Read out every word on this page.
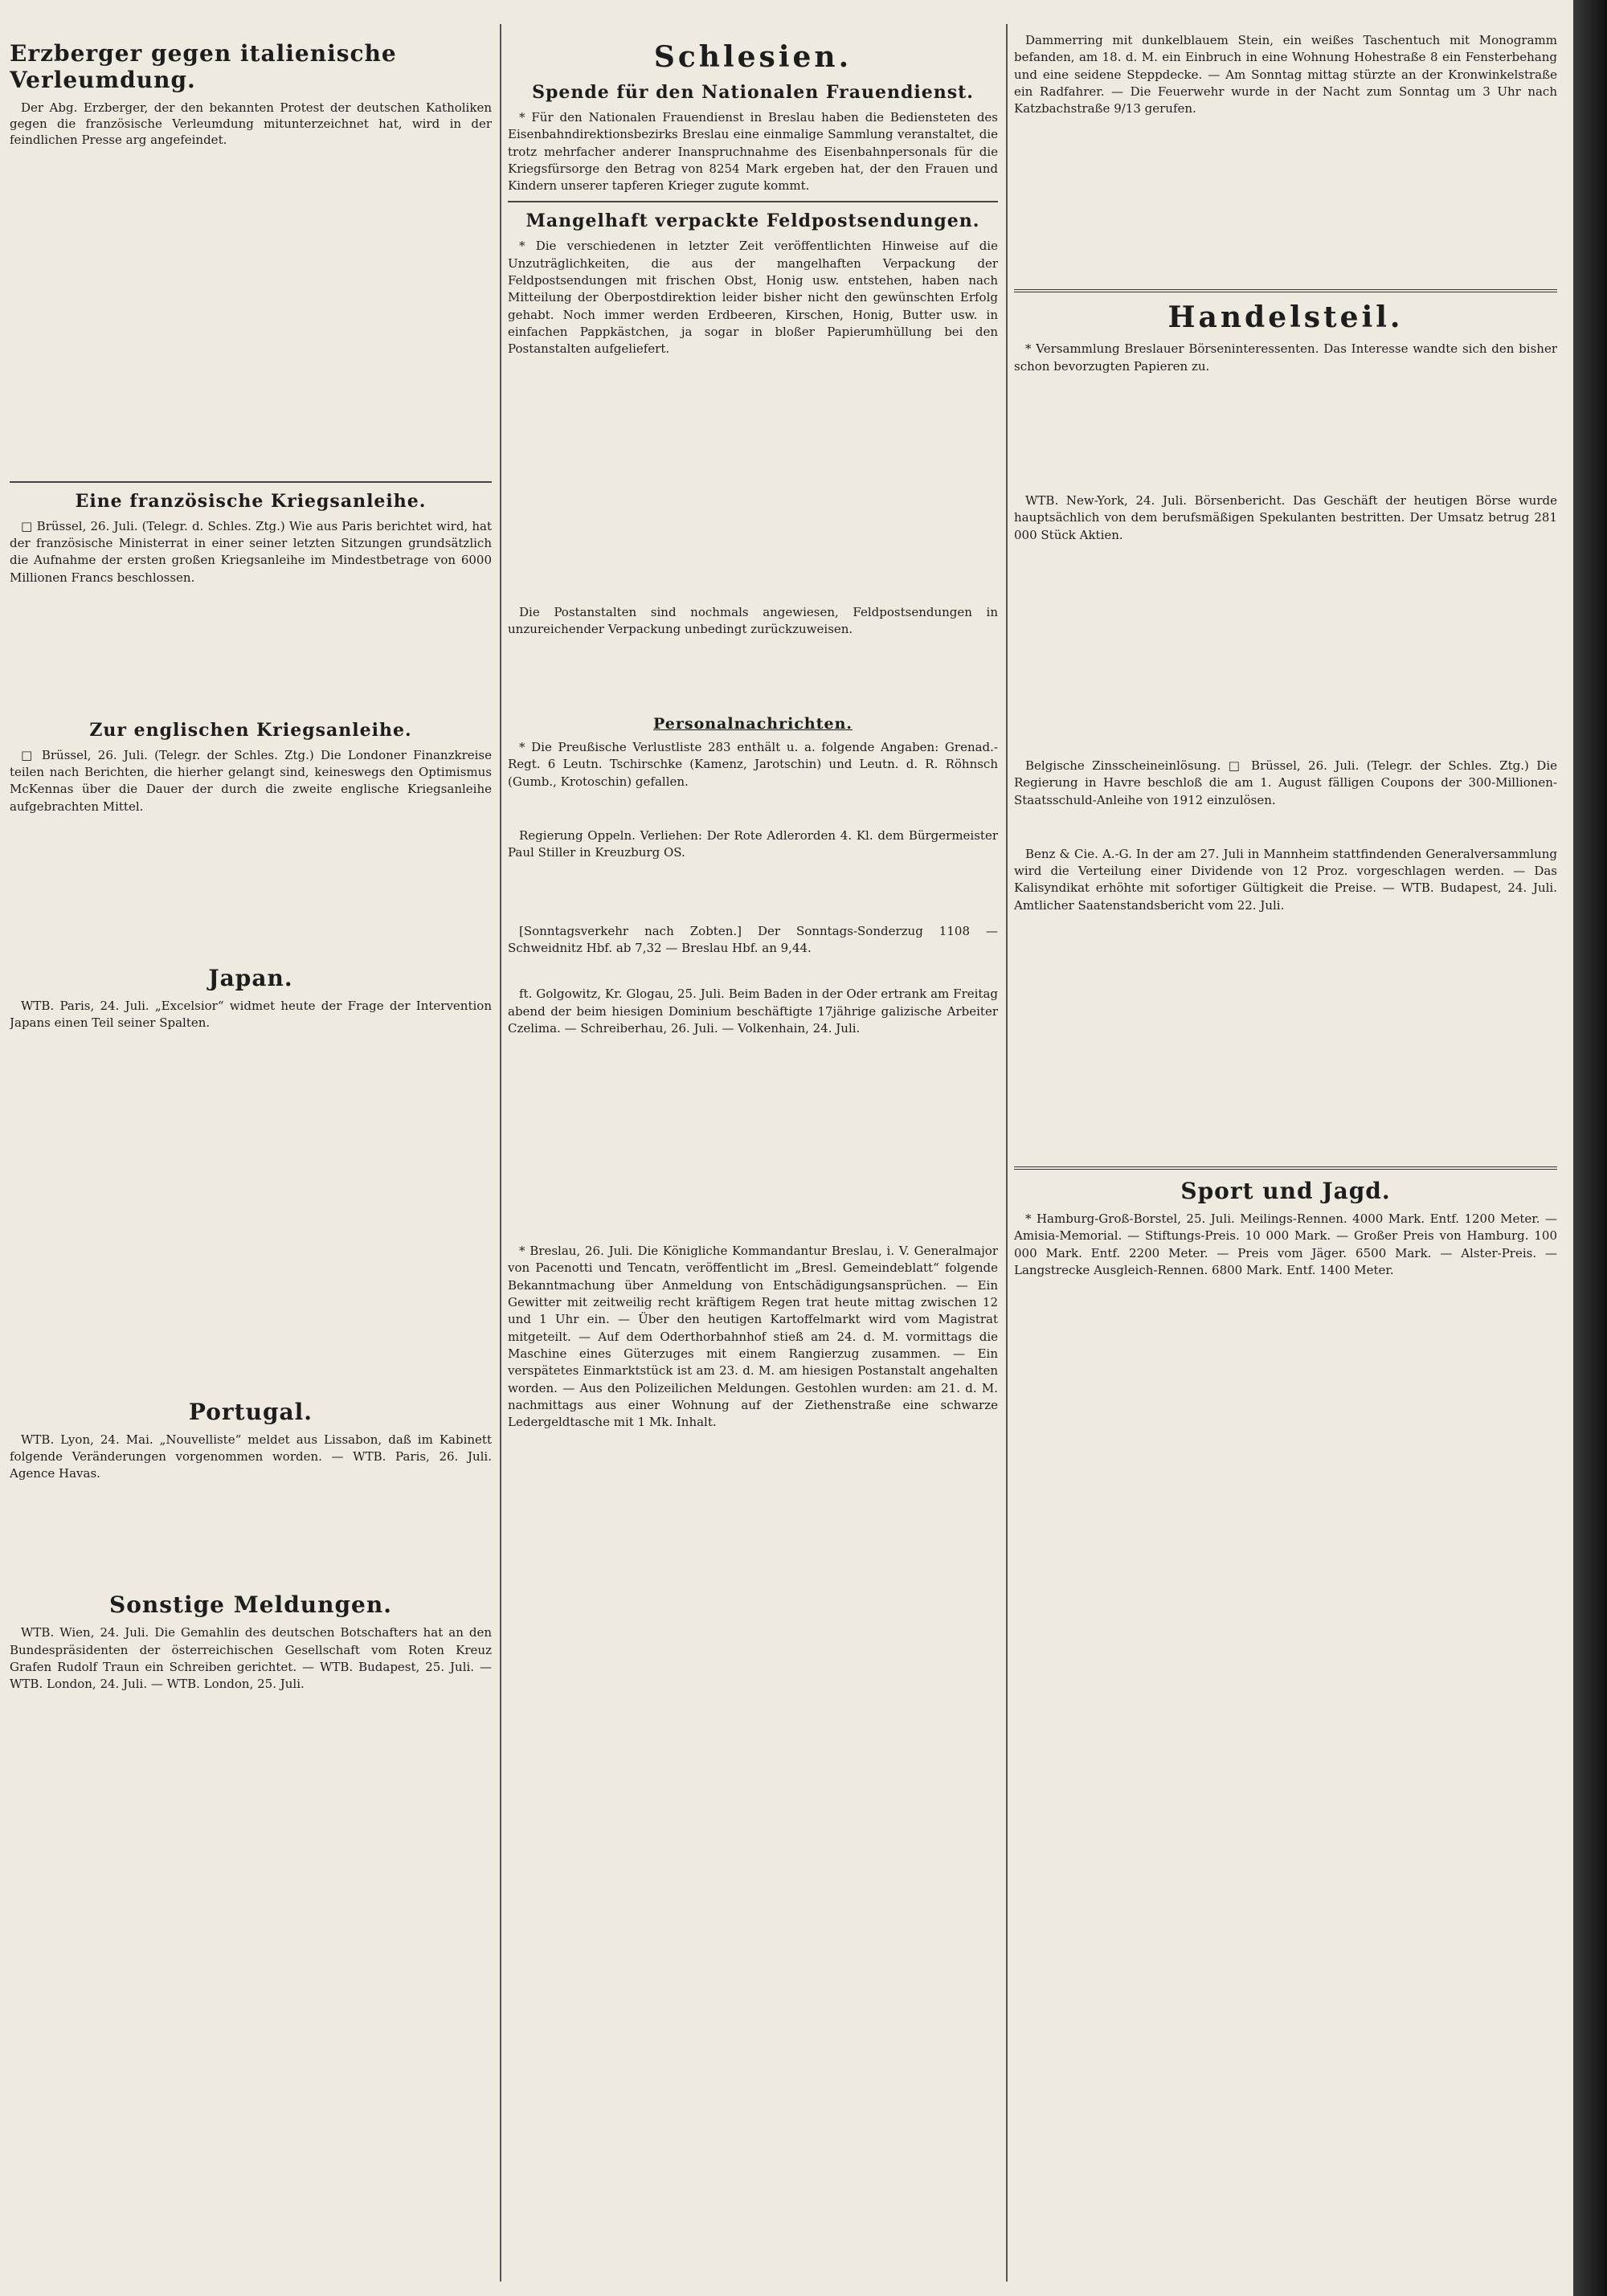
Erzberger gegen italienische Verleumdung.

Der Abg. Erzberger, der den bekannten Protest der deutschen Katholiken gegen die französische Verleumdung mitunterzeichnet hat, wird in der feindlichen Presse arg angefeindet.

Eine französische Kriegsanleihe.

□ Brüssel, 26. Juli. (Telegr. d. Schles. Ztg.) Wie aus Paris berichtet wird, hat der französische Ministerrat in einer seiner letzten Sitzungen grundsätzlich die Aufnahme der ersten großen Kriegsanleihe im Mindestbetrage von 6000 Millionen Francs beschlossen.

Zur englischen Kriegsanleihe.

□ Brüssel, 26. Juli. (Telegr. der Schles. Ztg.) Die Londoner Finanzkreise teilen nach Berichten, die hierher gelangt sind, keineswegs den Optimismus McKennas über die Dauer der durch die zweite englische Kriegsanleihe aufgebrachten Mittel.

Japan.

WTB. Paris, 24. Juli. „Excelsior“ widmet heute der Frage der Intervention Japans einen Teil seiner Spalten.

Portugal.

WTB. Lyon, 24. Mai. „Nouvelliste“ meldet aus Lissabon, daß im Kabinett folgende Veränderungen vorgenommen worden. — WTB. Paris, 26. Juli. Agence Havas.

Sonstige Meldungen.

WTB. Wien, 24. Juli. Die Gemahlin des deutschen Botschafters hat an den Bundespräsidenten der österreichischen Gesellschaft vom Roten Kreuz Grafen Rudolf Traun ein Schreiben gerichtet. — WTB. Budapest, 25. Juli. — WTB. London, 24. Juli. — WTB. London, 25. Juli.

Schlesien.
Spende für den Nationalen Frauendienst.

* Für den Nationalen Frauendienst in Breslau haben die Bediensteten des Eisenbahndirektionsbezirks Breslau eine einmalige Sammlung veranstaltet, die trotz mehrfacher anderer Inanspruchnahme des Eisenbahnpersonals für die Kriegsfürsorge den Betrag von 8254 Mark ergeben hat, der den Frauen und Kindern unserer tapferen Krieger zugute kommt.

Mangelhaft verpackte Feldpostsendungen.

* Die verschiedenen in letzter Zeit veröffentlichten Hinweise auf die Unzuträglichkeiten, die aus der mangelhaften Verpackung der Feldpostsendungen mit frischen Obst, Honig usw. entstehen, haben nach Mitteilung der Oberpostdirektion leider bisher nicht den gewünschten Erfolg gehabt. Noch immer werden Erdbeeren, Kirschen, Honig, Butter usw. in einfachen Pappkästchen, ja sogar in bloßer Papierumhüllung bei den Postanstalten aufgeliefert.

Die Postanstalten sind nochmals angewiesen, Feldpostsendungen in unzureichender Verpackung unbedingt zurückzuweisen.

Personalnachrichten.

* Die Preußische Verlustliste 283 enthält u. a. folgende Angaben: Grenad.-Regt. 6 Leutn. Tschirschke (Kamenz, Jarotschin) und Leutn. d. R. Röhnsch (Gumb., Krotoschin) gefallen.

Regierung Oppeln. Verliehen: Der Rote Adlerorden 4. Kl. dem Bürgermeister Paul Stiller in Kreuzburg OS.

[Sonntagsverkehr nach Zobten.] Der Sonntags-Sonderzug 1108 — Schweidnitz Hbf. ab 7,32 — Breslau Hbf. an 9,44.

ft. Golgowitz, Kr. Glogau, 25. Juli. Beim Baden in der Oder ertrank am Freitag abend der beim hiesigen Dominium beschäftigte 17jährige galizische Arbeiter Czelima. — Schreiberhau, 26. Juli. — Volkenhain, 24. Juli.

* Breslau, 26. Juli. Die Königliche Kommandantur Breslau, i. V. Generalmajor von Pacenotti und Tencatn, veröffentlicht im „Bresl. Gemeindeblatt“ folgende Bekanntmachung über Anmeldung von Entschädigungsansprüchen. — Ein Gewitter mit zeitweilig recht kräftigem Regen trat heute mittag zwischen 12 und 1 Uhr ein. — Über den heutigen Kartoffelmarkt wird vom Magistrat mitgeteilt. — Auf dem Oderthorbahnhof stieß am 24. d. M. vormittags die Maschine eines Güterzuges mit einem Rangierzug zusammen. — Ein verspätetes Einmarktstück ist am 23. d. M. am hiesigen Postanstalt angehalten worden. — Aus den Polizeilichen Meldungen. Gestohlen wurden: am 21. d. M. nachmittags aus einer Wohnung auf der Ziethenstraße eine schwarze Ledergeldtasche mit 1 Mk. Inhalt.

Dammerring mit dunkelblauem Stein, ein weißes Taschentuch mit Monogramm befanden, am 18. d. M. ein Einbruch in eine Wohnung Hohestraße 8 ein Fensterbehang und eine seidene Steppdecke. — Am Sonntag mittag stürzte an der Kronwinkelstraße ein Radfahrer. — Die Feuerwehr wurde in der Nacht zum Sonntag um 3 Uhr nach Katzbachstraße 9/13 gerufen.

Handelsteil.

* Versammlung Breslauer Börseninteressenten. Das Interesse wandte sich den bisher schon bevorzugten Papieren zu.

WTB. New-York, 24. Juli. Börsenbericht. Das Geschäft der heutigen Börse wurde hauptsächlich von dem berufsmäßigen Spekulanten bestritten. Der Umsatz betrug 281 000 Stück Aktien.

Belgische Zinsscheineinlösung. □ Brüssel, 26. Juli. (Telegr. der Schles. Ztg.) Die Regierung in Havre beschloß die am 1. August fälligen Coupons der 300-Millionen-Staatsschuld-Anleihe von 1912 einzulösen.

Benz & Cie. A.-G. In der am 27. Juli in Mannheim stattfindenden Generalversammlung wird die Verteilung einer Dividende von 12 Proz. vorgeschlagen werden. — Das Kalisyndikat erhöhte mit sofortiger Gültigkeit die Preise. — WTB. Budapest, 24. Juli. Amtlicher Saatenstandsbericht vom 22. Juli.

Sport und Jagd.

* Hamburg-Groß-Borstel, 25. Juli. Meilings-Rennen. 4000 Mark. Entf. 1200 Meter. — Amisia-Memorial. — Stiftungs-Preis. 10 000 Mark. — Großer Preis von Hamburg. 100 000 Mark. Entf. 2200 Meter. — Preis vom Jäger. 6500 Mark. — Alster-Preis. — Langstrecke Ausgleich-Rennen. 6800 Mark. Entf. 1400 Meter.
